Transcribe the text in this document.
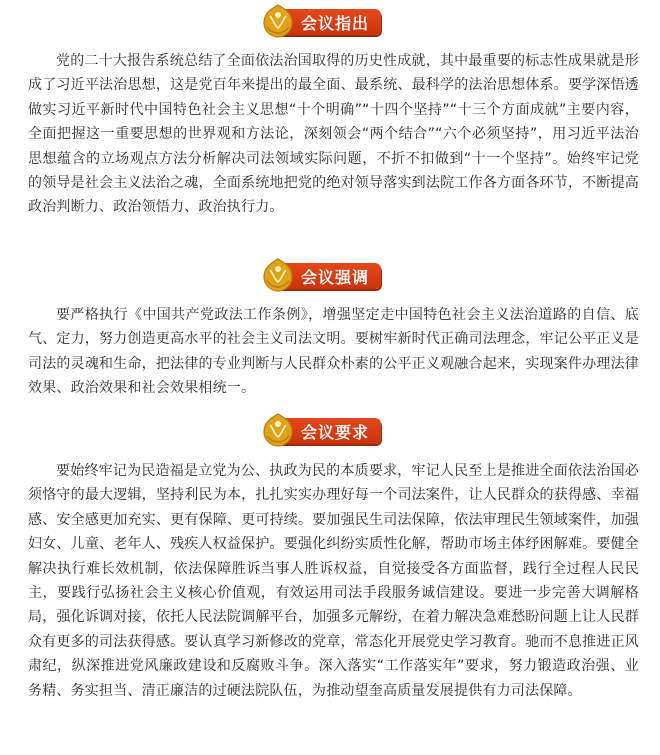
会议指出

党的二十大报告系统总结了全面依法治国取得的历史性成就，其中最重要的标志性成果就是形成了习近平法治思想，这是党百年来提出的最全面、最系统、最科学的法治思想体系。要学深悟透做实习近平新时代中国特色社会主义思想“十个明确”“十四个坚持”“十三个方面成就”主要内容，全面把握这一重要思想的世界观和方法论，深刻领会“两个结合”“六个必须坚持”，用习近平法治思想蕴含的立场观点方法分析解决司法领域实际问题，不折不扣做到“十一个坚持”。始终牢记党的领导是社会主义法治之魂，全面系统地把党的绝对领导落实到法院工作各方面各环节，不断提高政治判断力、政治领悟力、政治执行力。

会议强调

要严格执行《中国共产党政法工作条例》，增强坚定走中国特色社会主义法治道路的自信、底气、定力，努力创造更高水平的社会主义司法文明。要树牢新时代正确司法理念，牢记公平正义是司法的灵魂和生命，把法律的专业判断与人民群众朴素的公平正义观融合起来，实现案件办理法律效果、政治效果和社会效果相统一。

会议要求

要始终牢记为民造福是立党为公、执政为民的本质要求，牢记人民至上是推进全面依法治国必须恪守的最大逻辑，坚持利民为本，扎扎实实办理好每一个司法案件，让人民群众的获得感、幸福感、安全感更加充实、更有保障、更可持续。要加强民生司法保障，依法审理民生领域案件，加强妇女、儿童、老年人、残疾人权益保护。要强化纠纷实质性化解，帮助市场主体纾困解难。要健全解决执行难长效机制，依法保障胜诉当事人胜诉权益，自觉接受各方面监督，践行全过程人民民主，要践行弘扬社会主义核心价值观，有效运用司法手段服务诚信建设。要进一步完善大调解格局，强化诉调对接，依托人民法院调解平台，加强多元解纷，在着力解决急难愁盼问题上让人民群众有更多的司法获得感。要认真学习新修改的党章，常态化开展党史学习教育。驰而不息推进正风肃纪，纵深推进党风廉政建设和反腐败斗争。深入落实“工作落实年”要求，努力锻造政治强、业务精、务实担当、清正廉洁的过硬法院队伍，为推动望奎高质量发展提供有力司法保障。
